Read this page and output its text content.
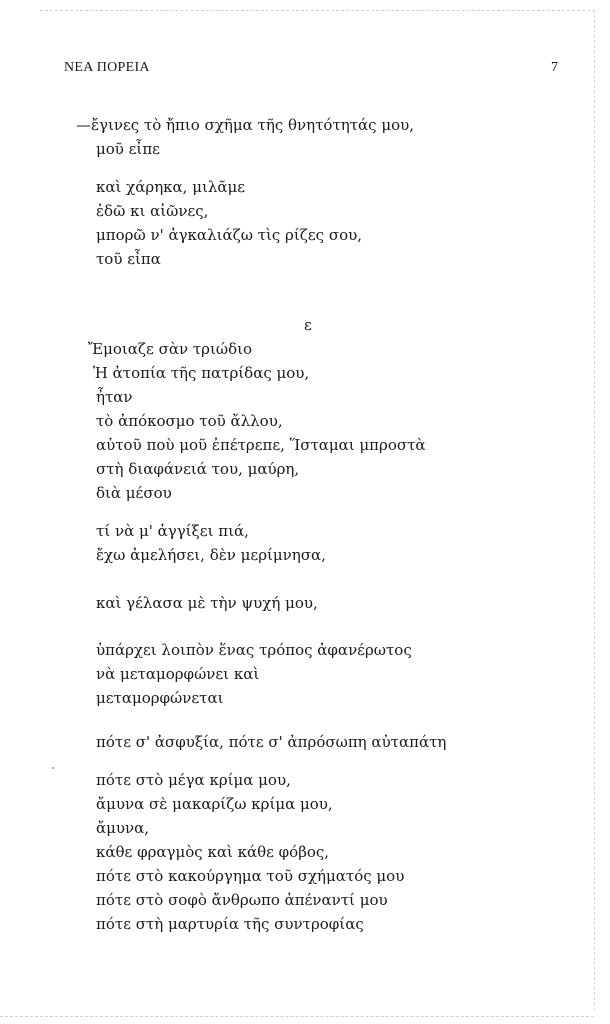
ΝΕΑ ΠΟΡΕΙΑ	7
—ἔγινες τὸ ἤπιο σχῆμα τῆς θνητότητάς μου,
μοῦ εἶπε
καὶ χάρηκα, μιλᾶμε
ἐδῶ κι αἰῶνες,
μπορῶ ν' ἀγκαλιάζω τὶς ρίζες σου,
τοῦ εἶπα
ε
Ἔμοιαζε σὰν τριώδιο
Ἡ ἀτοπία τῆς πατρίδας μου,
ἦταν
τὸ ἀπόκοσμο τοῦ ἄλλου,
αὐτοῦ ποὺ μοῦ ἐπέτρεπε, Ἵσταμαι μπροστὰ
στὴ διαφάνειά του, μαύρη,
διὰ μέσου
τί νὰ μ' ἀγγίξει πιά,
ἔχω ἀμελήσει, δὲν μερίμνησα,
καὶ γέλασα μὲ τὴν ψυχή μου,
ὑπάρχει λοιπὸν ἕνας τρόπος ἀφανέρωτος
νὰ μεταμορφώνει καὶ
μεταμορφώνεται
πότε σ' ἀσφυξία, πότε σ' ἀπρόσωπη αὐταπάτη
πότε στὸ μέγα κρίμα μου,
ἄμυνα σὲ μακαρίζω κρίμα μου,
ἄμυνα,
κάθε φραγμὸς καὶ κάθε φόβος,
πότε στὸ κακούργημα τοῦ σχήματός μου
πότε στὸ σοφὸ ἄνθρωπο ἀπέναντί μου
πότε στὴ μαρτυρία τῆς συντροφίας
